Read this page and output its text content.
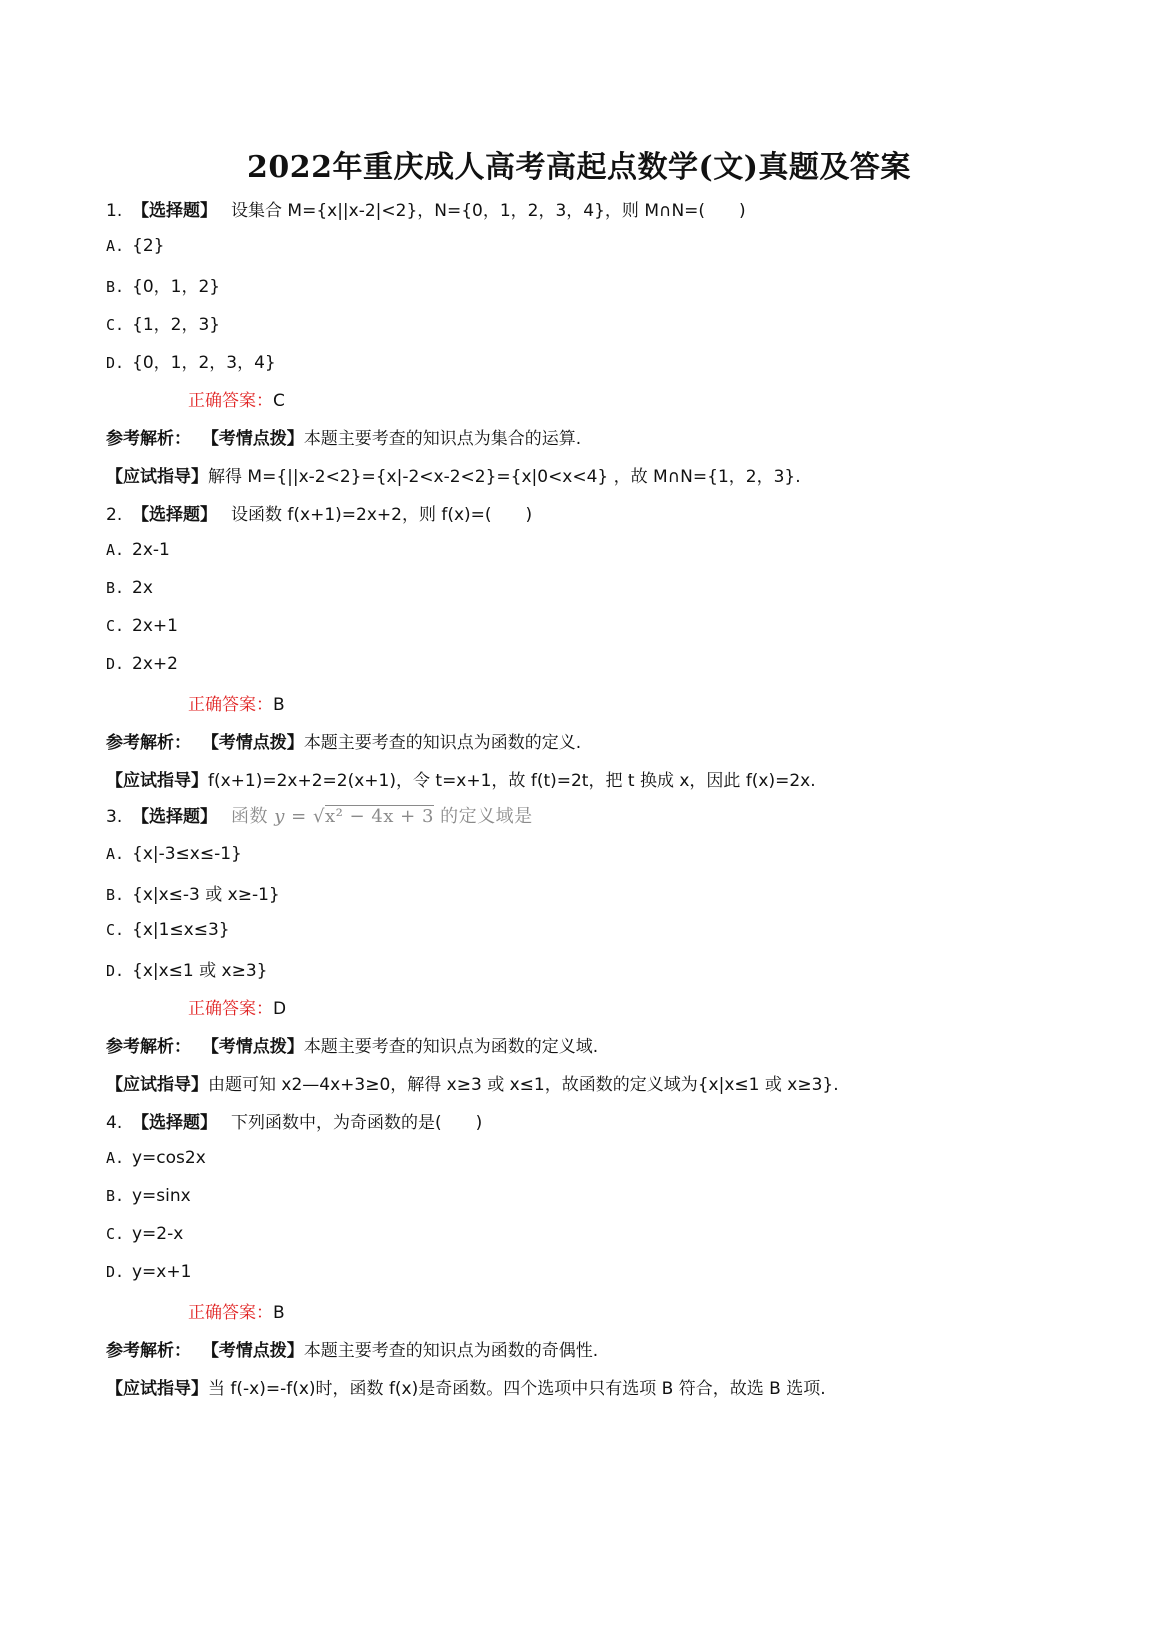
2022年重庆成人高考高起点数学(文)真题及答案
1. 【选择题】 设集合 M={x||x-2|<2}，N={0，1，2，3，4}，则 M∩N=(　　)
A. {2}
B. {0，1，2}
C. {1，2，3}
D. {0，1，2，3，4}
正确答案：C
参考解析： 【考情点拨】本题主要考查的知识点为集合的运算.
【应试指导】解得 M={||x-2<2}={x|-2<x-2<2}={x|0<x<4} ，故 M∩N={1，2，3}.
2. 【选择题】 设函数 f(x+1)=2x+2，则 f(x)=(　　)
A. 2x-1
B. 2x
C. 2x+1
D. 2x+2
正确答案：B
参考解析： 【考情点拨】本题主要考查的知识点为函数的定义.
【应试指导】f(x+1)=2x+2=2(x+1)，令 t=x+1，故 f(t)=2t，把 t 换成 x，因此 f(x)=2x.
3. 【选择题】 函数 y = √x² − 4x + 3 的定义域是
A. {x|-3≤x≤-1}
B. {x|x≤-3 或 x≥-1}
C. {x|1≤x≤3}
D. {x|x≤1 或 x≥3}
正确答案：D
参考解析： 【考情点拨】本题主要考查的知识点为函数的定义域.
【应试指导】由题可知 x2—4x+3≥0，解得 x≥3 或 x≤1，故函数的定义域为{x|x≤1 或 x≥3}.
4. 【选择题】 下列函数中，为奇函数的是(　　)
A. y=cos2x
B. y=sinx
C. y=2-x
D. y=x+1
正确答案：B
参考解析： 【考情点拨】本题主要考查的知识点为函数的奇偶性.
【应试指导】当 f(-x)=-f(x)时，函数 f(x)是奇函数。四个选项中只有选项 B 符合，故选 B 选项.
